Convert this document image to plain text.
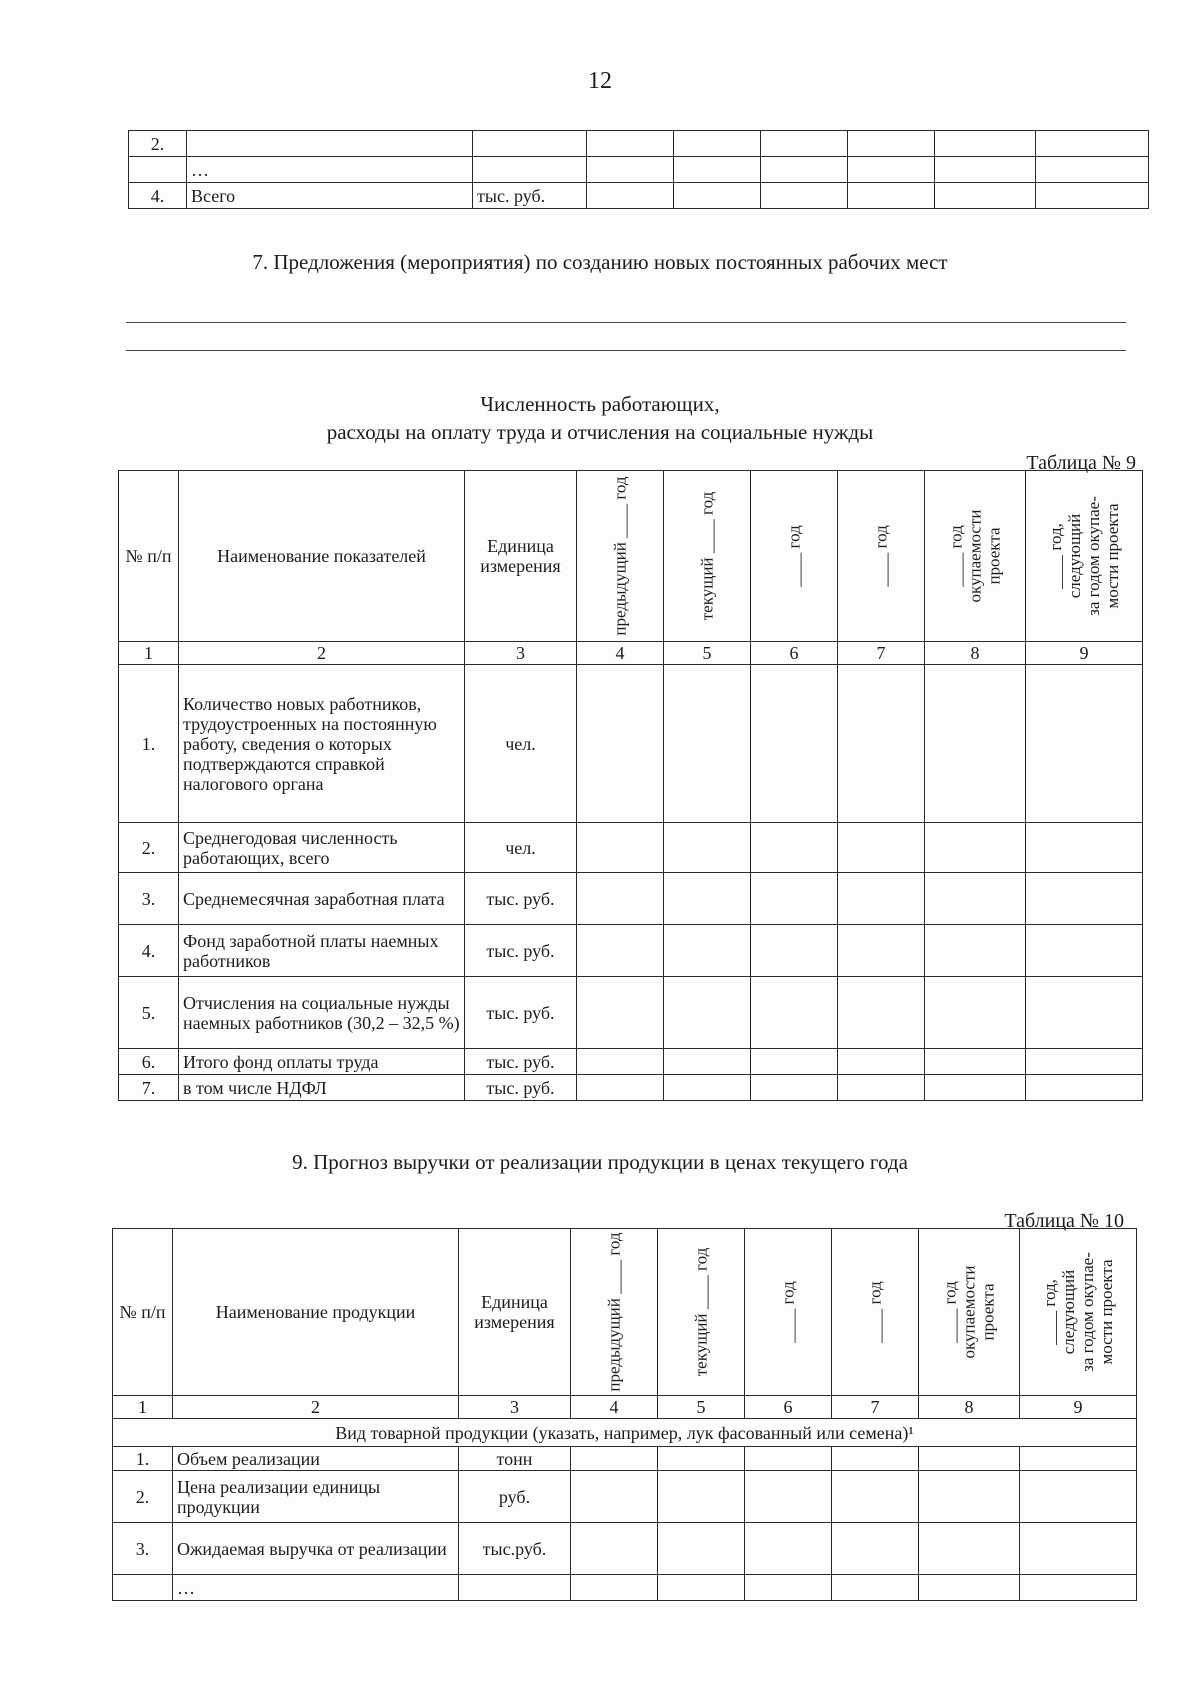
12
2.								
	…							
4.	Всего	тыс. руб.						
7. Предложения (мероприятия) по созданию новых постоянных рабочих мест
Численность работающих,
расходы на оплату труда и отчисления на социальные нужды
Таблица № 9
№ п/п	Наименование показателей	Единица измерения	предыдущий ____ год	текущий ____ год	____ год	____ год	____ год окупаемости проекта	____ год, следующий за годом окупае- мости проекта

1	2	3	4	5	6	7	8	9
1.	Количество новых работников, трудоустроенных на постоянную работу, сведения о которых подтверждаются справкой налогового органа	чел.						
2.	Среднегодовая численность работающих, всего	чел.						
3.	Среднемесячная заработная плата	тыс. руб.						
4.	Фонд заработной платы наемных работников	тыс. руб.						
5.	Отчисления на социальные нужды наемных работников (30,2 – 32,5 %)	тыс. руб.						
6.	Итого фонд оплаты труда	тыс. руб.						
7.	в том числе НДФЛ	тыс. руб.						
9. Прогноз выручки от реализации продукции в ценах текущего года
Таблица № 10
№ п/п	Наименование продукции	Единица измерения	предыдущий ____ год	текущий ____ год	____ год	____ год	____ год окупаемости проекта	____ год, следующий за годом окупае- мости проекта

1	2	3	4	5	6	7	8	9
Вид товарной продукции (указать, например, лук фасованный или семена)¹								
1.	Объем реализации	тонн						
2.	Цена реализации единицы продукции	руб.						
3.	Ожидаемая выручка от реализации	тыс.руб.						
	…							
